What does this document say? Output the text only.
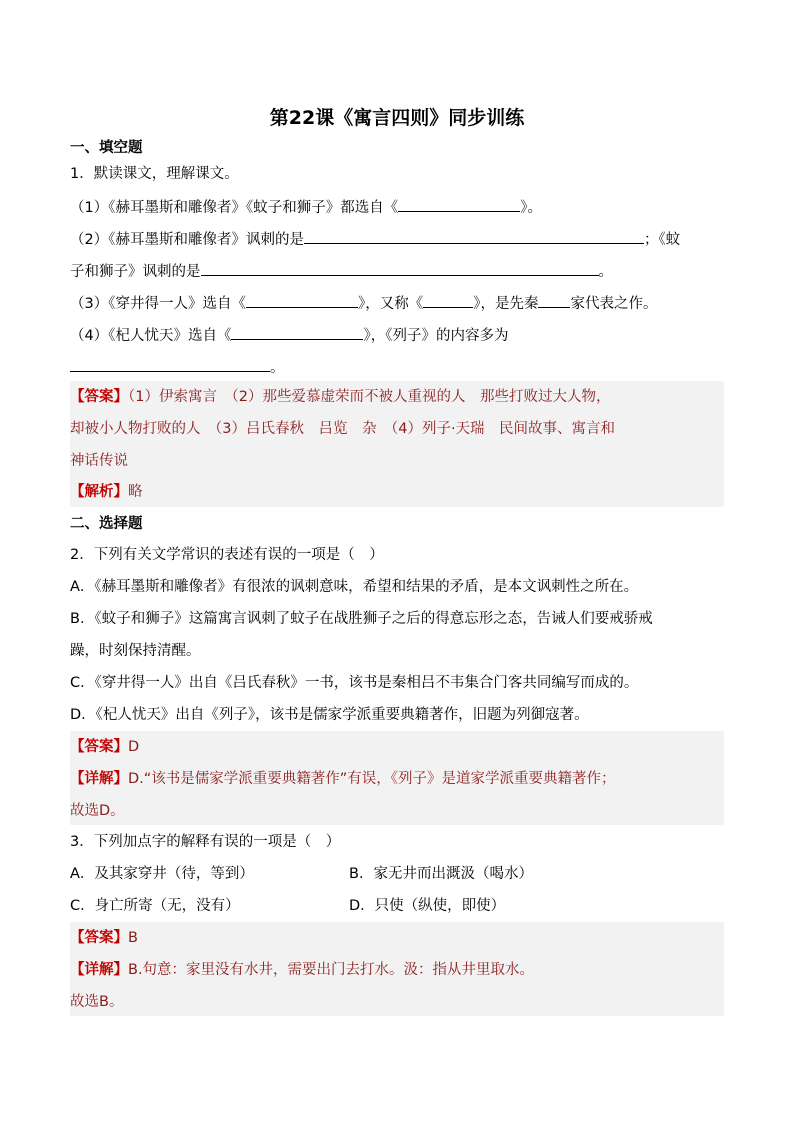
第22课《寓言四则》同步训练
一、填空题
1．默读课文，理解课文。
（1）《赫耳墨斯和雕像者》《蚊子和狮子》都选自《	》。
（2）《赫耳墨斯和雕像者》讽刺的是	；《蚊
子和狮子》讽刺的是	。
（3）《穿井得一人》选自《	》，又称《	》，是先秦 家代表之作。
（4）《杞人忧天》选自《	》，《列子》的内容多为
。
【答案】（1）伊索寓言　（2）那些爱慕虚荣而不被人重视的人　那些打败过大人物，
却被小人物打败的人　（3）吕氏春秋　吕览　杂　（4）列子·天瑞　民间故事、寓言和
神话传说
【解析】略
二、选择题
2．下列有关文学常识的表述有误的一项是（　）
A．《赫耳墨斯和雕像者》有很浓的讽刺意味，希望和结果的矛盾，是本文讽刺性之所在。
B．《蚊子和狮子》这篇寓言讽刺了蚊子在战胜狮子之后的得意忘形之态，告诫人们要戒骄戒
躁，时刻保持清醒。
C．《穿井得一人》出自《吕氏春秋》一书，该书是秦相吕不韦集合门客共同编写而成的。
D．《杞人忧天》出自《列子》，该书是儒家学派重要典籍著作，旧题为列御寇著。
【答案】D
【详解】D.“该书是儒家学派重要典籍著作”有误，《列子》是道家学派重要典籍著作；
故选D。
3．下列加点字的解释有误的一项是（　）
A．及其家穿井（待，等到）	B．家无井而出溉汲（喝水）
C．身亡所寄（无，没有）	D．只使（纵使，即使）
【答案】B
【详解】B.句意：家里没有水井，需要出门去打水。汲：指从井里取水。
故选B。
